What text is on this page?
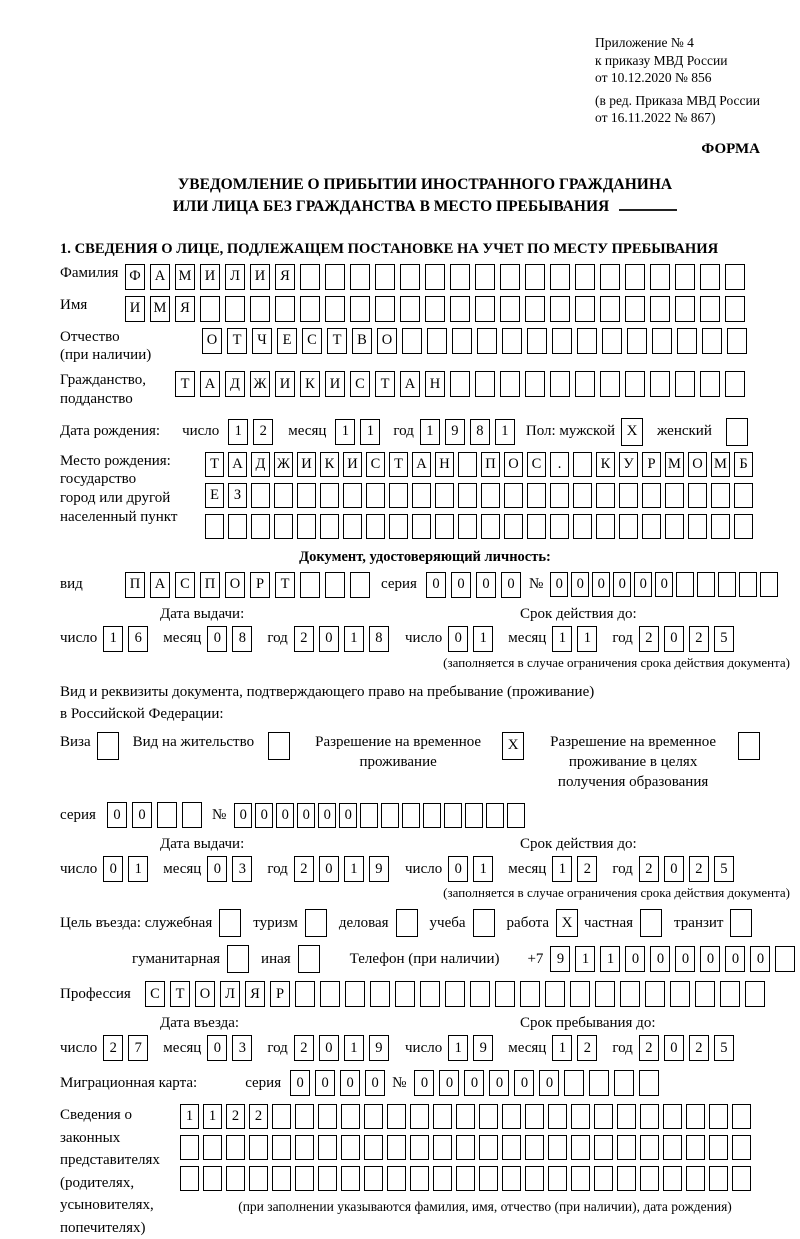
Приложение № 4
к приказу МВД России
от 10.12.2020 № 856
(в ред. Приказа МВД России
от 16.11.2022 № 867)
ФОРМА
УВЕДОМЛЕНИЕ О ПРИБЫТИИ ИНОСТРАННОГО ГРАЖДАНИНА
ИЛИ ЛИЦА БЕЗ ГРАЖДАНСТВА В МЕСТО ПРЕБЫВАНИЯ
1. СВЕДЕНИЯ О ЛИЦЕ, ПОДЛЕЖАЩЕМ ПОСТАНОВКЕ НА УЧЕТ ПО МЕСТУ ПРЕБЫВАНИЯ
Фамилия Ф А М И	Л	И	Я
Имя	И М Я
Отчество
(при наличии)
О	Т	Ч	Е	С	Т	В	О
Гражданство,
подданство
Т	А	Д Ж И	К	И	С	Т	А	Н
Дата рождения: число	1	2	месяц	1	1	год 1	9	8	1	Пол: мужской X	женский
Место рождения:
государство
город или другой
населенный пункт
Т А Д Ж И К И С Т А Н П О С	.	К У Р М О М Б
Е	З
Документ, удостоверяющий личность:
вид	П	А	С	П	О	Р	Т	серия	0	0	0	0 № 0 0 0 0 0 0
Дата выдачи:
число 1	6	месяц 0	8	год 2	0	1	8
Срок действия до:
число 0	1	месяц 1	1	год 2	0	2	5
(заполняется в случае ограничения срока действия документа)
Вид и реквизиты документа, подтверждающего право на пребывание (проживание)
в Российской Федерации:
Виза	Вид на жительство	Разрешение на временное
проживание
X	Разрешение на временное
проживание в целях
получения образования
серия	0	0	№ 0 0 0 0 0 0
Дата выдачи:
число 0	1	месяц 0	3	год 2	0	1	9
Срок действия до:
число 0	1	месяц 1	2	год 2	0	2	5
(заполняется в случае ограничения срока действия документа)
Цель въезда: служебная	туризм	деловая	учеба	работа X частная	транзит
гуманитарная	иная	Телефон (при наличии) +7 9	1	1	0	0	0	0	0	0
Профессия	С	Т	О	Л	Я	Р
Дата въезда:
число 2	7	месяц 0	3	год 2	0	1	9
Срок пребывания до:
число 1	9	месяц 1	2	год 2	0	2	5
Миграционная карта:	серия	0	0	0	0 № 0	0	0	0	0	0
Сведения о
законных
представителях
(родителях,
усыновителях,
попечителях)
1	1	2	2
(при заполнении указываются фамилия, имя, отчество (при наличии), дата рождения)
